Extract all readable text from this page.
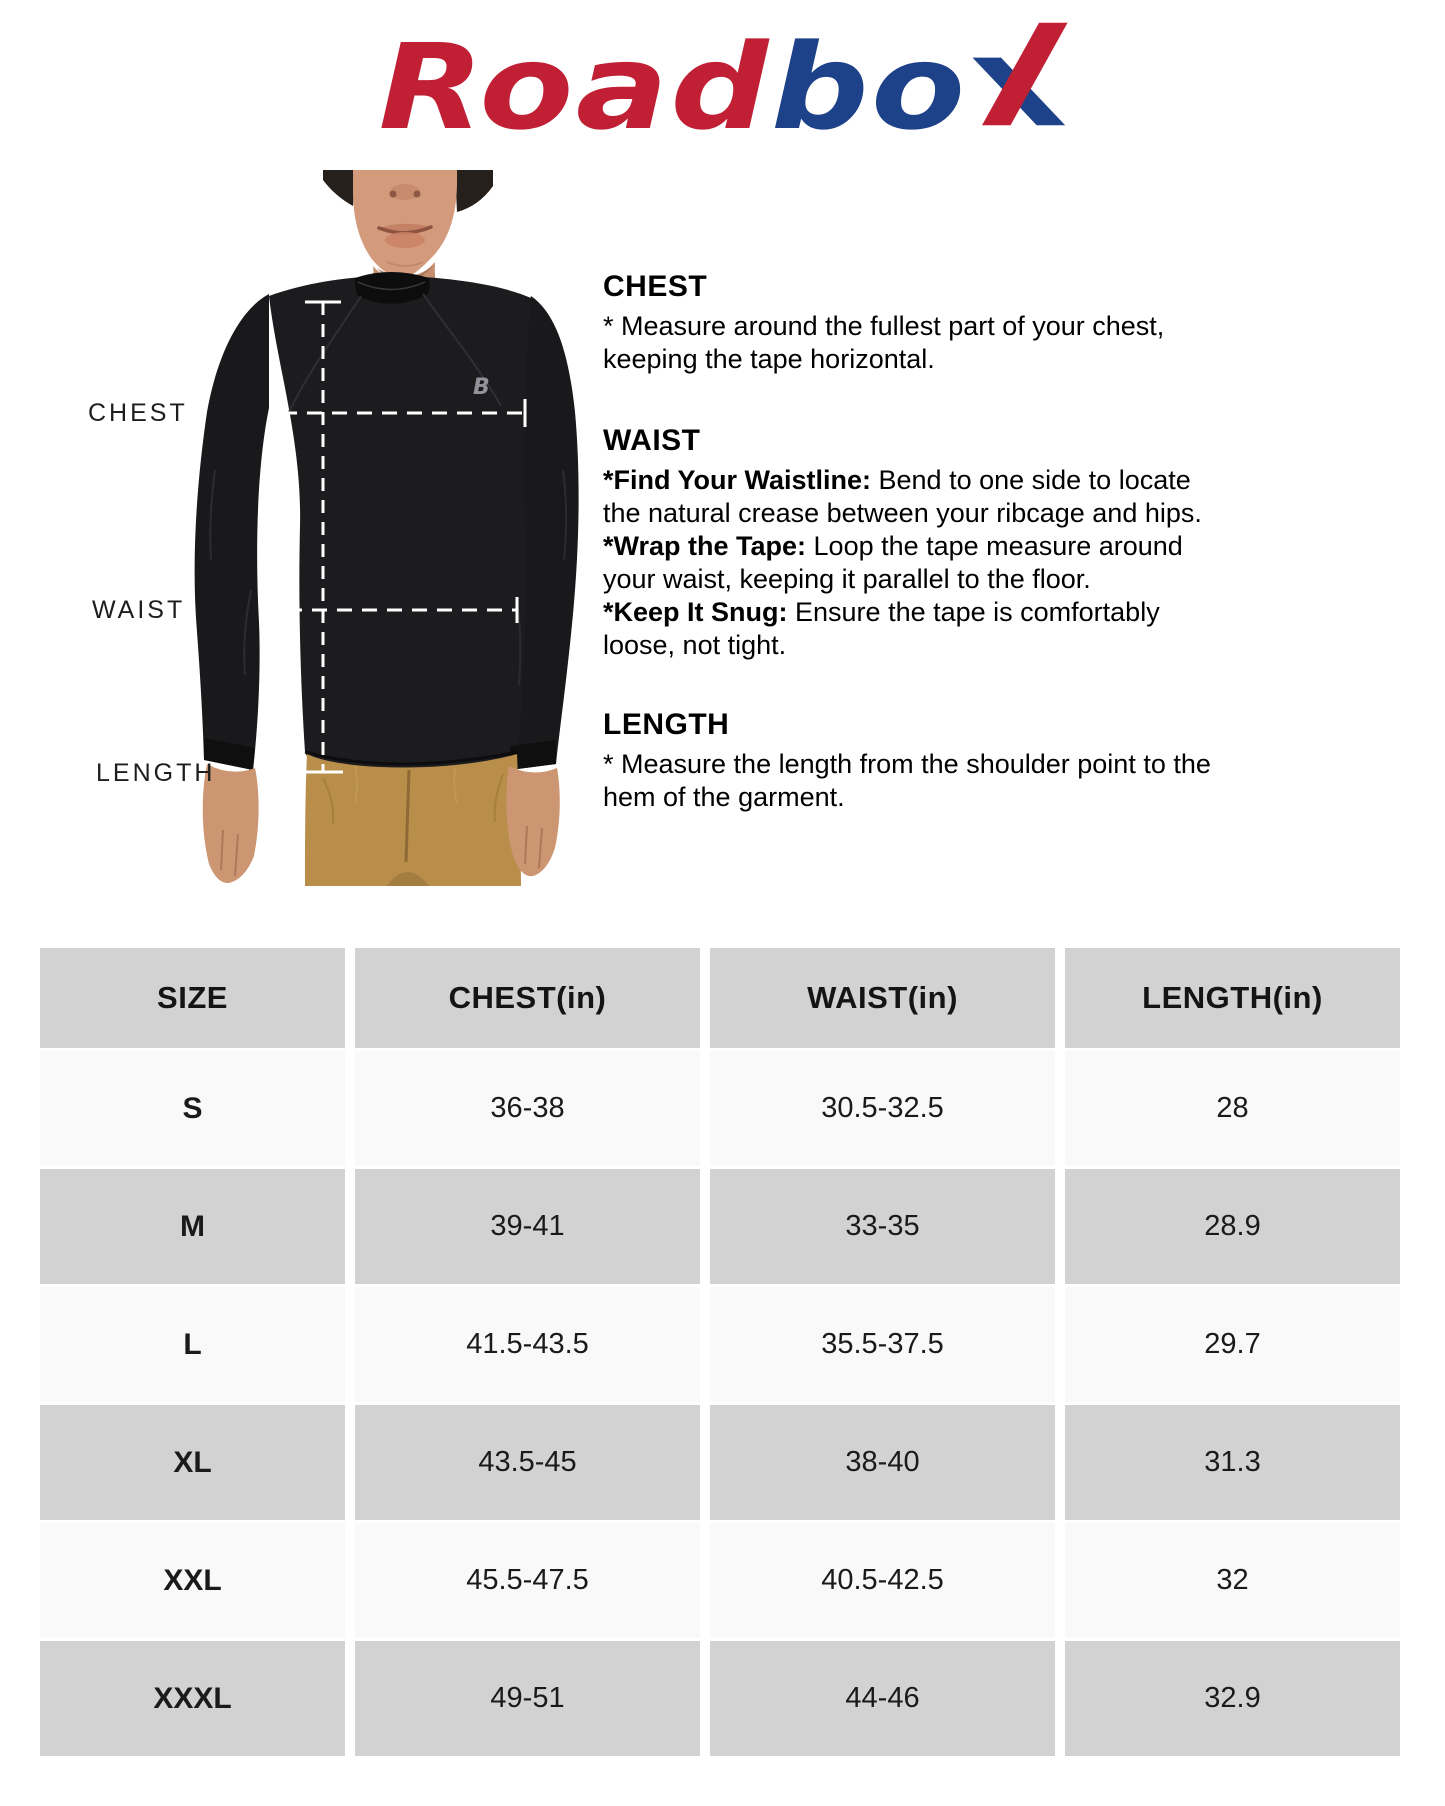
Roadbo
B
CHEST
WAIST
LENGTH
CHEST
* Measure around the fullest part of your chest,
keeping the tape horizontal.
WAIST
*Find Your Waistline: Bend to one side to locate
the natural crease between your ribcage and hips.
*Wrap the Tape: Loop the tape measure around
your waist, keeping it parallel to the floor.
*Keep It Snug: Ensure the tape is comfortably
loose, not tight.
LENGTH
* Measure the length from the shoulder point to the
hem of the garment.
SIZE	CHEST(in)	WAIST(in)	LENGTH(in)
S	36-38	30.5-32.5	28
M	39-41	33-35	28.9
L	41.5-43.5	35.5-37.5	29.7
XL	43.5-45	38-40	31.3
XXL	45.5-47.5	40.5-42.5	32
XXXL	49-51	44-46	32.9
